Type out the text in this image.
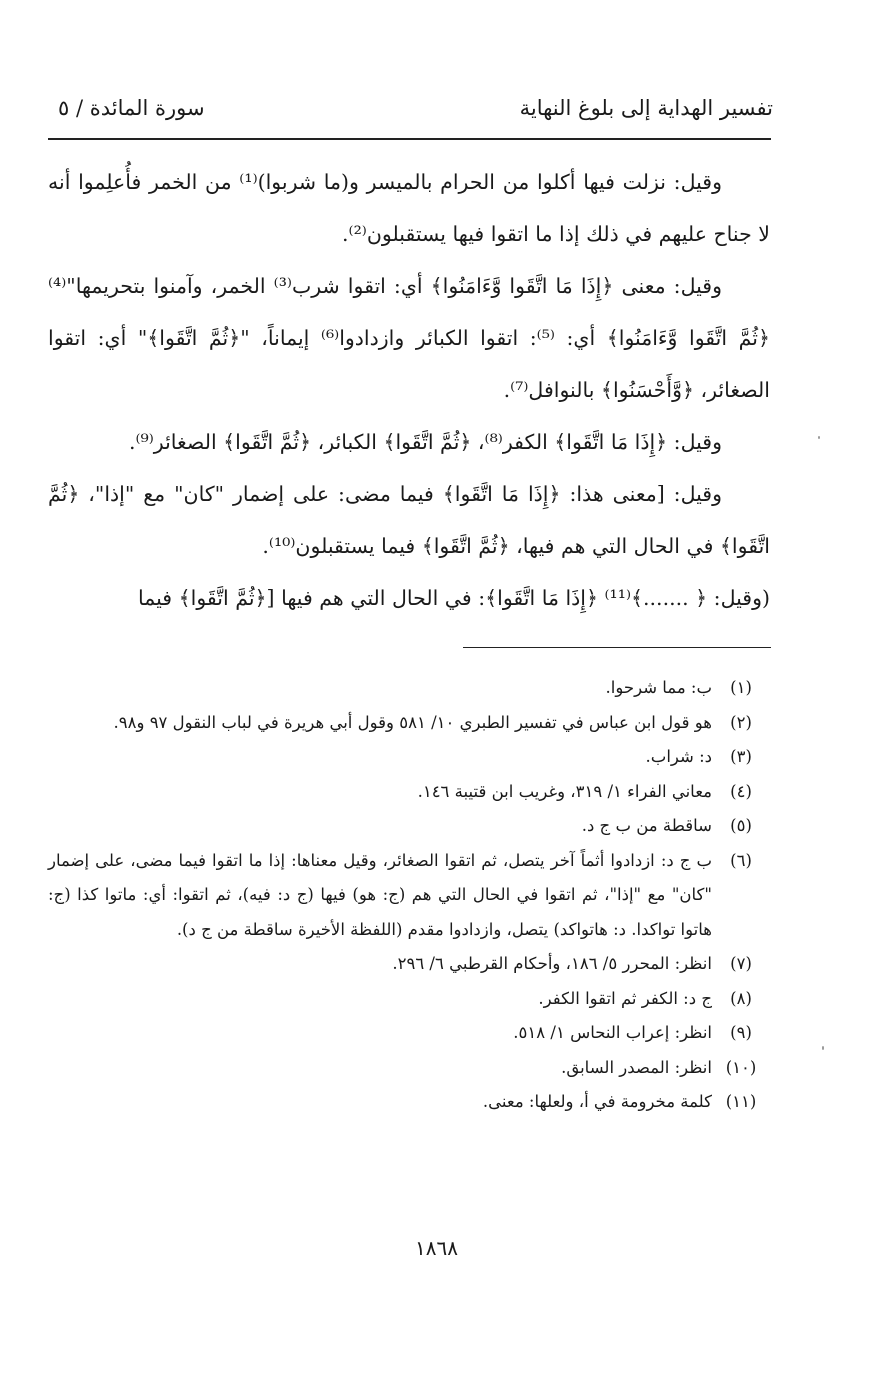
تفسير الهداية إلى بلوغ النهاية
سورة المائدة / ٥

وقيل: نزلت فيها أكلوا من الحرام بالميسر و(ما شربوا)⁽¹⁾ من الخمر فأُعلِموا أنه لا جناح عليهم في ذلك إذا ما اتقوا فيها يستقبلون⁽²⁾.

وقيل: معنى ﴿إِذَا مَا اتَّقَوا وَّءَامَنُوا﴾ أي: اتقوا شرب⁽³⁾ الخمر، وآمنوا بتحريمها"⁽⁴⁾ ﴿ثُمَّ اتَّقَوا وَّءَامَنُوا﴾ أي: ⁽⁵⁾: اتقوا الكبائر وازدادوا⁽⁶⁾ إيماناً، "﴿ثُمَّ اتَّقَوا﴾" أي: اتقوا الصغائر، ﴿وَّأَحْسَنُوا﴾ بالنوافل⁽⁷⁾.

وقيل: ﴿إِذَا مَا اتَّقَوا﴾ الكفر⁽⁸⁾، ﴿ثُمَّ اتَّقَوا﴾ الكبائر، ﴿ثُمَّ اتَّقَوا﴾ الصغائر⁽⁹⁾.

وقيل: [معنى هذا: ﴿إِذَا مَا اتَّقَوا﴾ فيما مضى: على إضمار "كان" مع "إذا"، ﴿ثُمَّ اتَّقَوا﴾ في الحال التي هم فيها، ﴿ثُمَّ اتَّقَوا﴾ فيما يستقبلون⁽¹⁰⁾.

(وقيل: ﴿ .......﴾⁽¹¹⁾ ﴿إِذَا مَا اتَّقَوا﴾: في الحال التي هم فيها [﴿ثُمَّ اتَّقَوا﴾ فيما

(١)
ب: مما شرحوا.
(٢)
هو قول ابن عباس في تفسير الطبري ١٠/ ٥٨١ وقول أبي هريرة في لباب النقول ٩٧ و٩٨.
(٣)
د: شراب.
(٤)
معاني الفراء ١/ ٣١٩، وغريب ابن قتيبة ١٤٦.
(٥)
ساقطة من ب ج د.
(٦)
ب ج د: ازدادوا أثماً آخر يتصل، ثم اتقوا الصغائر، وقيل معناها: إذا ما اتقوا فيما مضى، على إضمار "كان" مع "إذا"، ثم اتقوا في الحال التي هم (ج: هو) فيها (ج د: فيه)، ثم اتقوا: أي: ماتوا كذا (ج: هاتوا تواكدا. د: هاتواكد) يتصل، وازدادوا مقدم (اللفظة الأخيرة ساقطة من ج د).
(٧)
انظر: المحرر ٥/ ١٨٦، وأحكام القرطبي ٦/ ٢٩٦.
(٨)
ج د: الكفر ثم اتقوا الكفر.
(٩)
انظر: إعراب النحاس ١/ ٥١٨.
(١٠)
انظر: المصدر السابق.
(١١)
كلمة مخرومة في أ، ولعلها: معنى.
١٨٦٨
